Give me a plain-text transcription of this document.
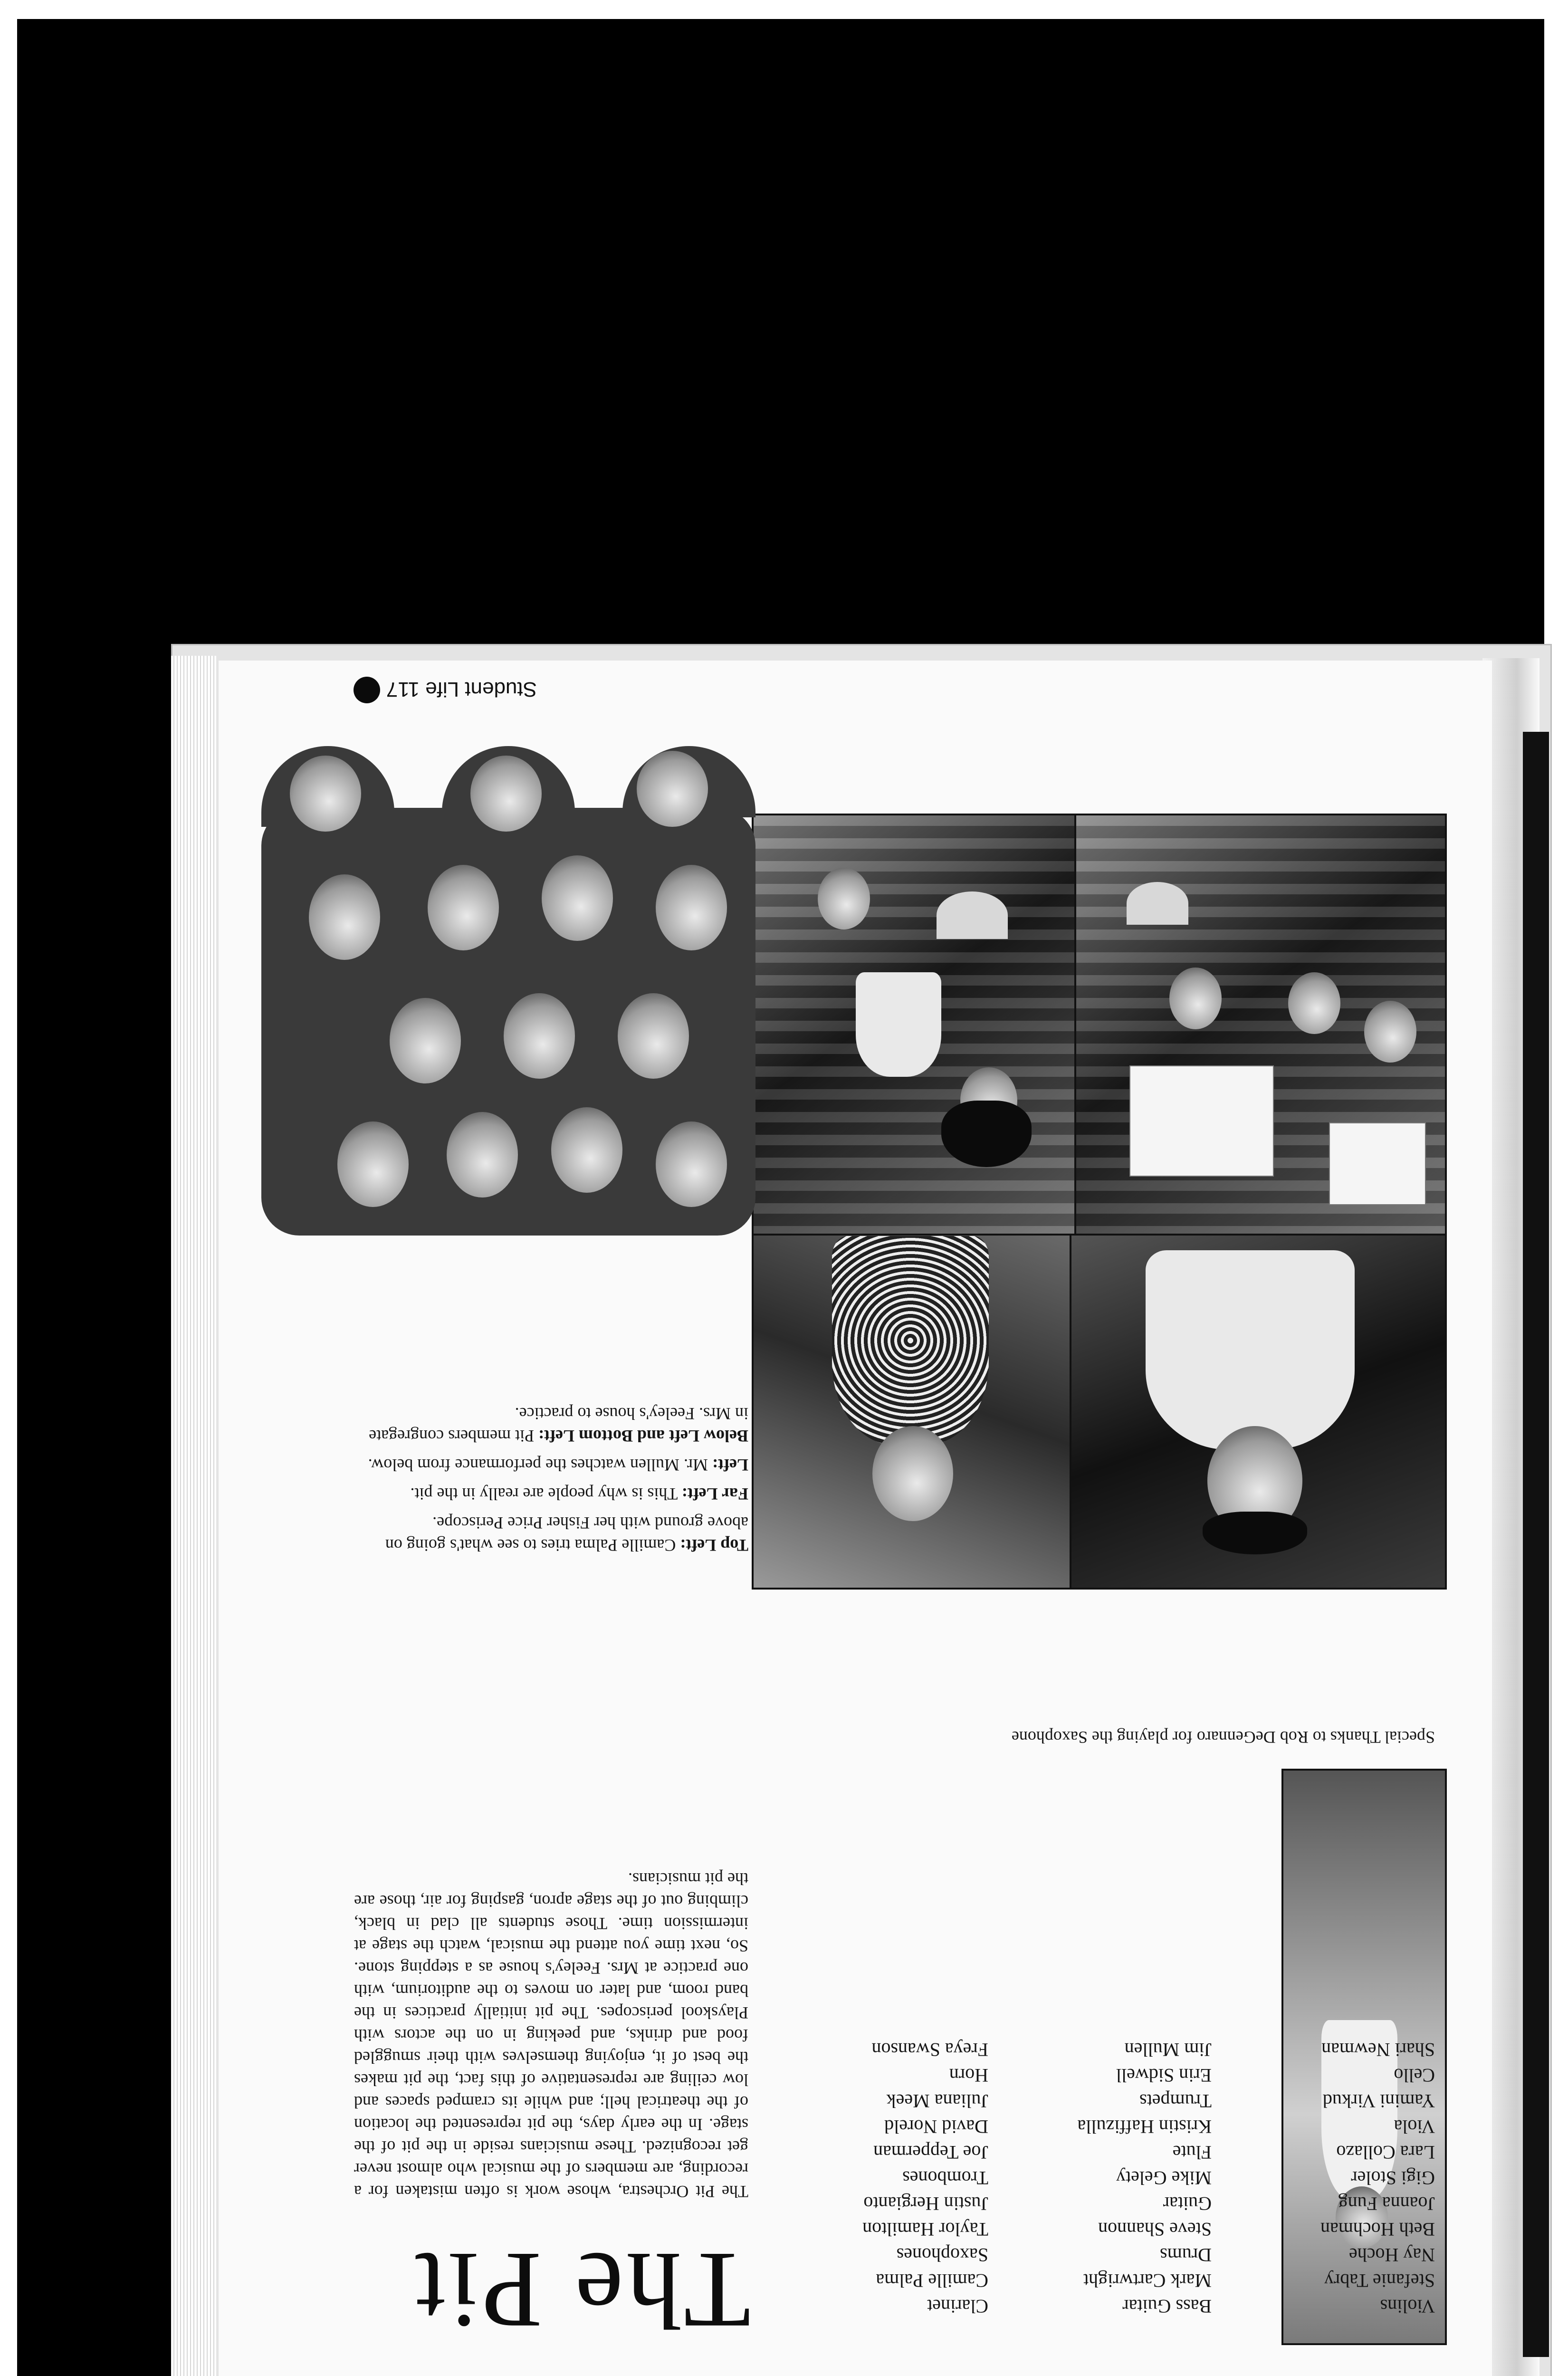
Violins
Stefanie Tabry
Nay Hoche
Beth Hochman
Joanna Fung
Gigi Stoler
Lara Collazo
Viola
Yamini Virkud
Cello
Shari Newman
Bass Guitar
Mark Cartwright
Drums
Steve Shannon
Guitar
Mike Gelety
Flute
Kristin Haffizulla
Trumpets
Erin Sidwell
Jim Mullen
Clarinet
Camille Palma
Saxophones
Taylor Hamilton
Justin Hergianto
Trombones
Joe Tepperman
David Noreld
Juliana Meek
Horn
Freya Swanson
Special Thanks to Rob DeGennaro for playing the Saxophone
The Pit
The Pit Orchestra, whose work is often mistaken for a recording, are members of the musical who almost never get recognized. These musicians reside in the pit of the stage. In the early days, the pit represented the location of the theatrical hell; and while its cramped spaces and low ceiling are representative of this fact, the pit makes the best of it, enjoying themselves with their smuggled food and drinks, and peeking in on the actors with Playskool periscopes. The pit initially practices in the band room, and later on moves to the auditorium, with one practice at Mrs. Feeley's house as a stepping stone. So, next time you attend the musical, watch the stage at intermission time. Those students all clad in black, climbing out of the stage apron, gasping for air, those are the pit musicians.

Top Left: Camille Palma tries to see what's going on above ground with her Fisher Price Periscope.

Far Left: This is why people are really in the pit.

Left: Mr. Mullen watches the performance from below.

Below Left and Bottom Left: Pit members congregate in Mrs. Feeley's house to practice.

Student Life 117
